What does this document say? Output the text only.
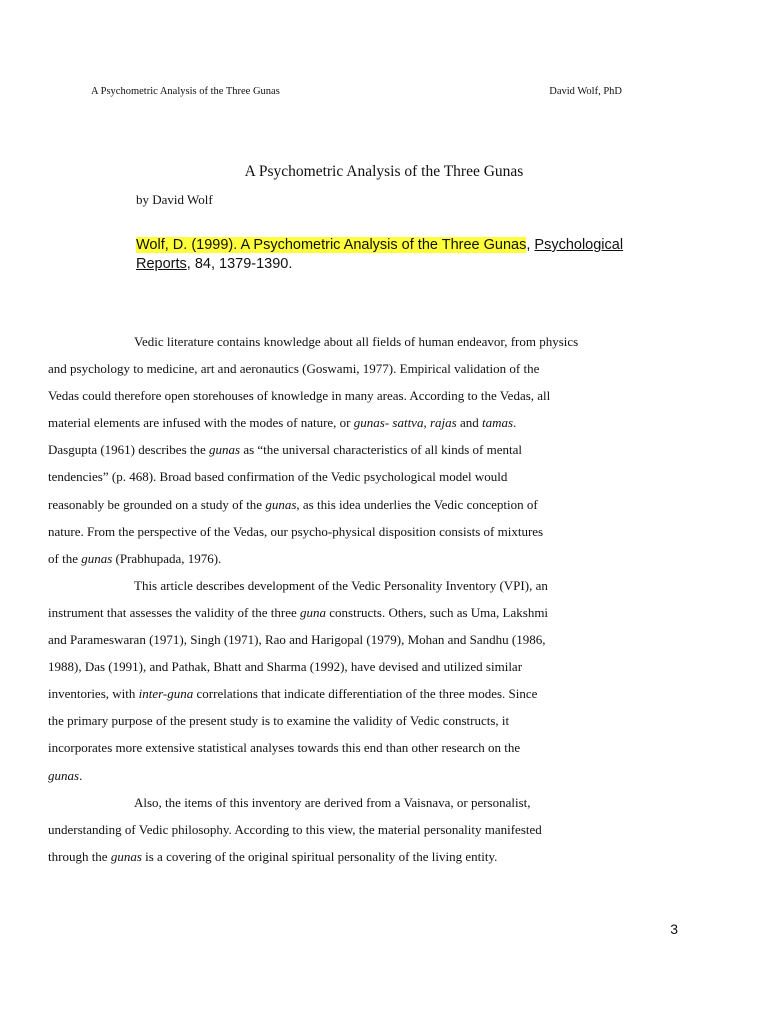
A Psychometric Analysis of the Three Gunas	David Wolf, PhD
A Psychometric Analysis of the Three Gunas
by David Wolf
Wolf, D. (1999). A Psychometric Analysis of the Three Gunas, Psychological
Reports, 84, 1379-1390.

Vedic literature contains knowledge about all fields of human endeavor, from physics
and psychology to medicine, art and aeronautics (Goswami, 1977). Empirical validation of the
Vedas could therefore open storehouses of knowledge in many areas. According to the Vedas, all
material elements are infused with the modes of nature, or gunas- sattva, rajas and tamas.
Dasgupta (1961) describes the gunas as “the universal characteristics of all kinds of mental
tendencies” (p. 468). Broad based confirmation of the Vedic psychological model would
reasonably be grounded on a study of the gunas, as this idea underlies the Vedic conception of
nature. From the perspective of the Vedas, our psycho-physical disposition consists of mixtures
of the gunas (Prabhupada, 1976).

This article describes development of the Vedic Personality Inventory (VPI), an
instrument that assesses the validity of the three guna constructs. Others, such as Uma, Lakshmi
and Parameswaran (1971), Singh (1971), Rao and Harigopal (1979), Mohan and Sandhu (1986,
1988), Das (1991), and Pathak, Bhatt and Sharma (1992), have devised and utilized similar
inventories, with inter-guna correlations that indicate differentiation of the three modes. Since
the primary purpose of the present study is to examine the validity of Vedic constructs, it
incorporates more extensive statistical analyses towards this end than other research on the
gunas.

Also, the items of this inventory are derived from a Vaisnava, or personalist,
understanding of Vedic philosophy. According to this view, the material personality manifested
through the gunas is a covering of the original spiritual personality of the living entity.

3
